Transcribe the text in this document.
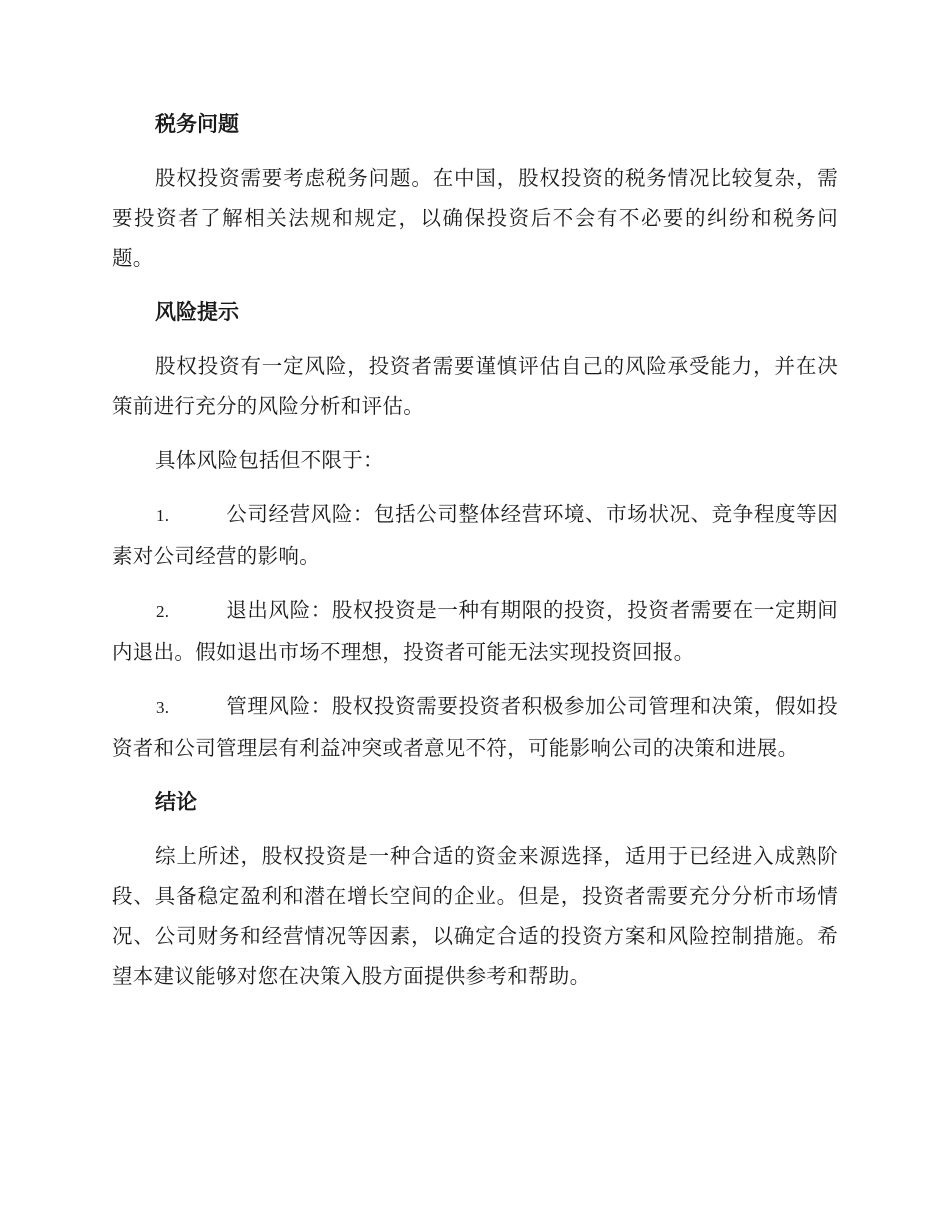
税务问题

股权投资需要考虑税务问题。在中国，股权投资的税务情况比较复杂，需要投资者了解相关法规和规定，以确保投资后不会有不必要的纠纷和税务问题。

风险提示

股权投资有一定风险，投资者需要谨慎评估自己的风险承受能力，并在决策前进行充分的风险分析和评估。

具体风险包括但不限于：

1.	公司经营风险：包括公司整体经营环境、市场状况、竞争程度等因素对公司经营的影响。
2.	退出风险：股权投资是一种有期限的投资，投资者需要在一定期间内退出。假如退出市场不理想，投资者可能无法实现投资回报。
3.	管理风险：股权投资需要投资者积极参加公司管理和决策，假如投资者和公司管理层有利益冲突或者意见不符，可能影响公司的决策和进展。
结论

综上所述，股权投资是一种合适的资金来源选择，适用于已经进入成熟阶段、具备稳定盈利和潜在增长空间的企业。但是，投资者需要充分分析市场情况、公司财务和经营情况等因素，以确定合适的投资方案和风险控制措施。希望本建议能够对您在决策入股方面提供参考和帮助。
